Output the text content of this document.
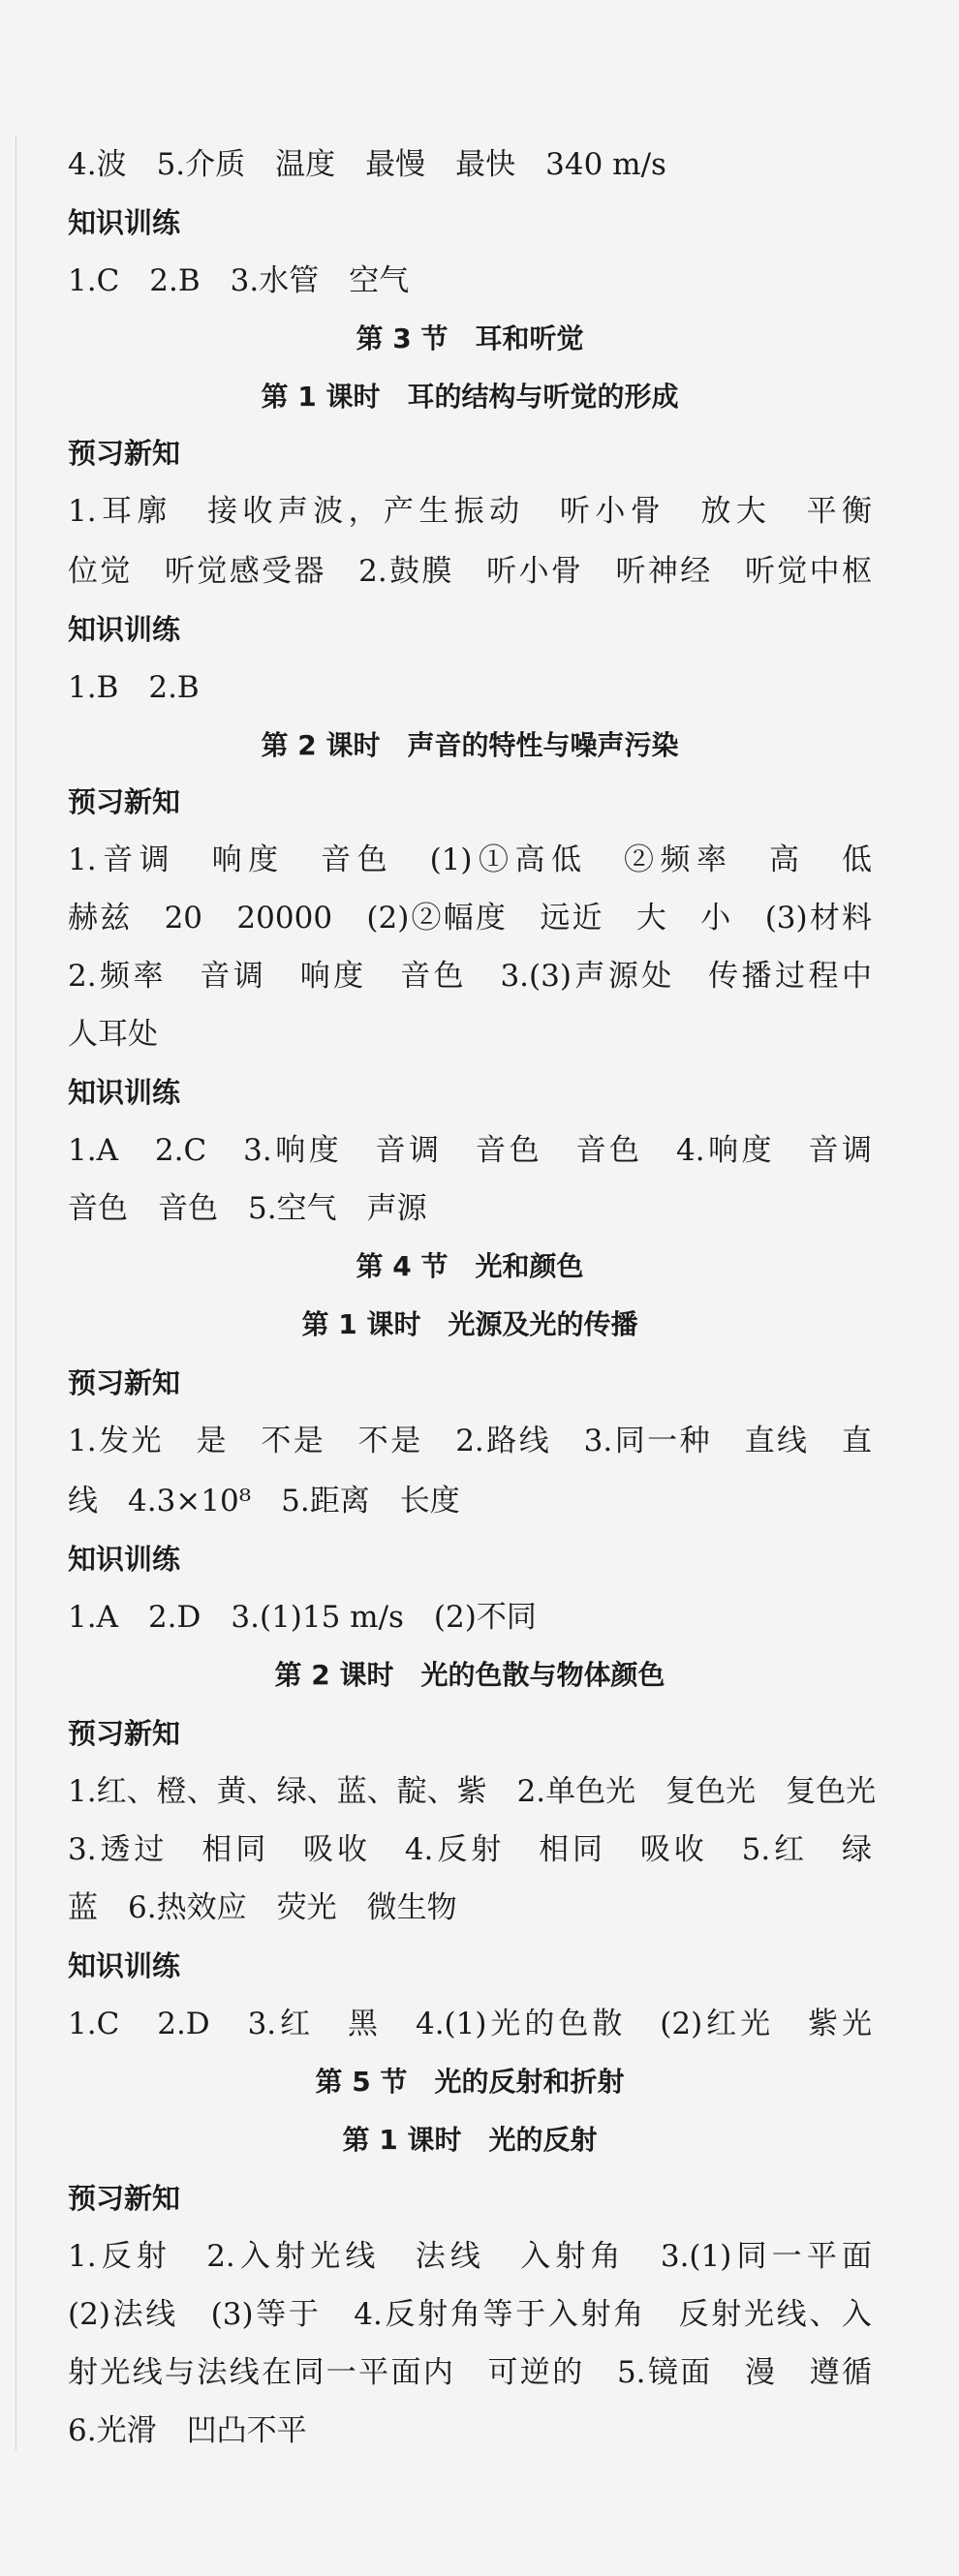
4.波　5.介质　温度　最慢　最快　340 m/s
知识训练
1.C　2.B　3.水管　空气
第 3 节　耳和听觉
第 1 课时　耳的结构与听觉的形成
预习新知
1.耳廓　接收声波，产生振动　听小骨　放大　平衡
位觉　听觉感受器　2.鼓膜　听小骨　听神经　听觉中枢
知识训练
1.B　2.B
第 2 课时　声音的特性与噪声污染
预习新知
1.音调　响度　音色　(1)①高低　②频率　高　低
赫兹　20　20000　(2)②幅度　远近　大　小　(3)材料
2.频率　音调　响度　音色　3.(3)声源处　传播过程中
人耳处
知识训练
1.A　2.C　3.响度　音调　音色　音色　4.响度　音调
音色　音色　5.空气　声源
第 4 节　光和颜色
第 1 课时　光源及光的传播
预习新知
1.发光　是　不是　不是　2.路线　3.同一种　直线　直
线　4.3×10⁸　5.距离　长度
知识训练
1.A　2.D　3.(1)15 m/s　(2)不同
第 2 课时　光的色散与物体颜色
预习新知
1.红、橙、黄、绿、蓝、靛、紫　2.单色光　复色光　复色光
3.透过　相同　吸收　4.反射　相同　吸收　5.红　绿
蓝　6.热效应　荧光　微生物
知识训练
1.C　2.D　3.红　黑　4.(1)光的色散　(2)红光　紫光
第 5 节　光的反射和折射
第 1 课时　光的反射
预习新知
1.反射　2.入射光线　法线　入射角　3.(1)同一平面
(2)法线　(3)等于　4.反射角等于入射角　反射光线、入
射光线与法线在同一平面内　可逆的　5.镜面　漫　遵循
6.光滑　凹凸不平
